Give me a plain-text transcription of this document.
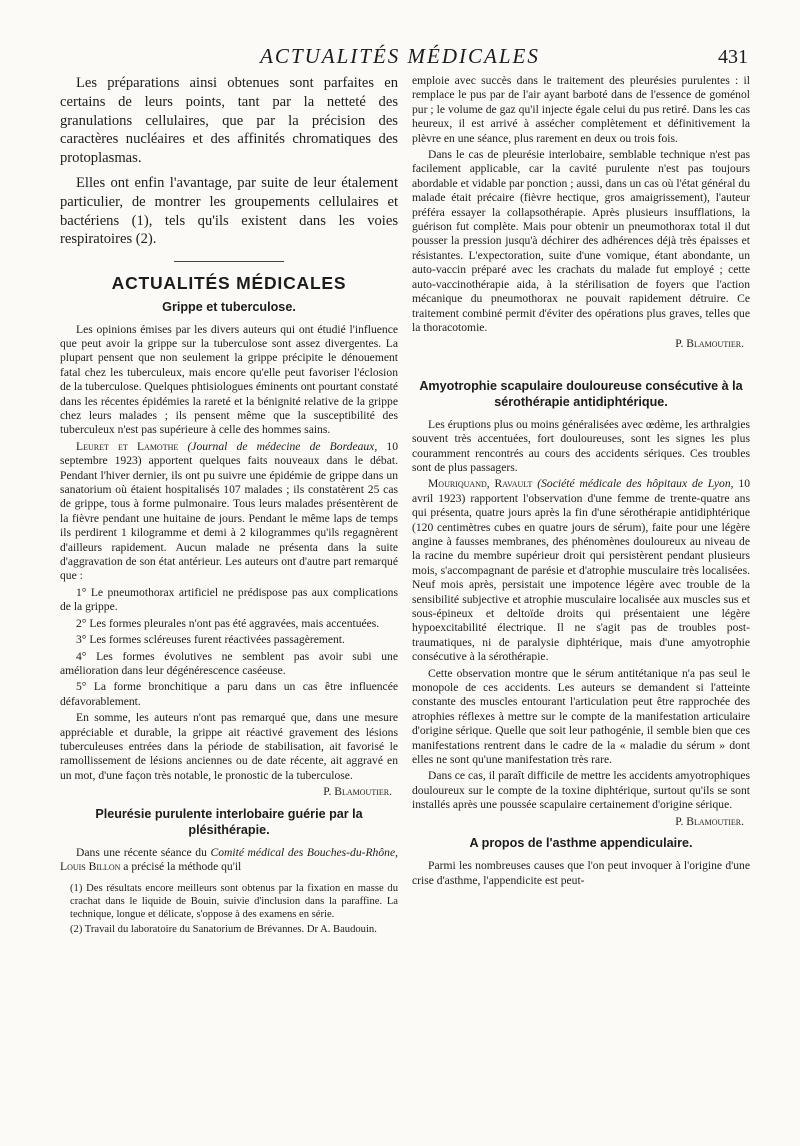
ACTUALITÉS MÉDICALES	431

Les préparations ainsi obtenues sont parfaites en certains de leurs points, tant par la netteté des granulations cellulaires, que par la précision des caractères nucléaires et des affinités chromatiques des protoplasmas.

Elles ont enfin l'avantage, par suite de leur étalement particulier, de montrer les groupements cellulaires et bactériens (1), tels qu'ils existent dans les voies respiratoires (2).

ACTUALITÉS MÉDICALES
Grippe et tuberculose.

Les opinions émises par les divers auteurs qui ont étudié l'influence que peut avoir la grippe sur la tuberculose sont assez divergentes. La plupart pensent que non seulement la grippe précipite le dénouement fatal chez les tuberculeux, mais encore qu'elle peut favoriser l'éclosion de la tuberculose. Quelques phtisiologues éminents ont pourtant constaté dans les récentes épidémies la rareté et la bénignité relative de la grippe chez leurs malades ; ils pensent même que la susceptibilité des tuberculeux n'est pas supérieure à celle des hommes sains.

Leuret et Lamothe (Journal de médecine de Bordeaux, 10 septembre 1923) apportent quelques faits nouveaux dans le débat. Pendant l'hiver dernier, ils ont pu suivre une épidémie de grippe dans un sanatorium où étaient hospitalisés 107 malades ; ils constatèrent 25 cas de grippe, tous à forme pulmonaire. Tous leurs malades présentèrent de la fièvre pendant une huitaine de jours. Pendant le même laps de temps ils perdirent 1 kilogramme et demi à 2 kilogrammes qu'ils regagnèrent d'ailleurs rapidement. Aucun malade ne présenta dans la suite d'aggravation de son état antérieur. Les auteurs ont d'autre part remarqué que :

1° Le pneumothorax artificiel ne prédispose pas aux complications de la grippe.

2° Les formes pleurales n'ont pas été aggravées, mais accentuées.

3° Les formes scléreuses furent réactivées passagèrement.

4° Les formes évolutives ne semblent pas avoir subi une amélioration dans leur dégénérescence caséeuse.

5° La forme bronchitique a paru dans un cas être influencée défavorablement.

En somme, les auteurs n'ont pas remarqué que, dans une mesure appréciable et durable, la grippe ait réactivé gravement des lésions tuberculeuses entrées dans la période de stabilisation, ait favorisé le ramollissement de lésions anciennes ou de date récente, ait aggravé en un mot, d'une façon très notable, le pronostic de la tuberculose.

P. Blamoutier.
Pleurésie purulente interlobaire guérie par la plésithérapie.

Dans une récente séance du Comité médical des Bouches-du-Rhône, Louis Billon a précisé la méthode qu'il

(1) Des résultats encore meilleurs sont obtenus par la fixation en masse du crachat dans le liquide de Bouin, suivie d'inclusion dans la paraffine. La technique, longue et délicate, s'oppose à des examens en série.

(2) Travail du laboratoire du Sanatorium de Brévannes. Dr A. Baudouin.

emploie avec succès dans le traitement des pleurésies purulentes : il remplace le pus par de l'air ayant barboté dans de l'essence de goménol pur ; le volume de gaz qu'il injecte égale celui du pus retiré. Dans les cas heureux, il est arrivé à assécher complètement et définitivement la plèvre en une séance, plus rarement en deux ou trois fois.

Dans le cas de pleurésie interlobaire, semblable technique n'est pas facilement applicable, car la cavité purulente n'est pas toujours abordable et vidable par ponction ; aussi, dans un cas où l'état général du malade était précaire (fièvre hectique, gros amaigrissement), l'auteur préféra essayer la collapsothérapie. Après plusieurs insufflations, la guérison fut complète. Mais pour obtenir un pneumothorax total il dut pousser la pression jusqu'à déchirer des adhérences déjà très épaisses et résistantes. L'expectoration, suite d'une vomique, étant abondante, un auto-vaccin préparé avec les crachats du malade fut employé ; cette auto-vaccinothérapie aida, à la stérilisation de foyers que l'action mécanique du pneumothorax ne pouvait rapidement détruire. Ce traitement combiné permit d'éviter des opérations plus graves, telles que la thoracotomie.

P. Blamoutier.
Amyotrophie scapulaire douloureuse consécutive à la sérothérapie antidiphtérique.

Les éruptions plus ou moins généralisées avec œdème, les arthralgies souvent très accentuées, fort douloureuses, sont les signes les plus couramment rencontrés au cours des accidents sériques. Ces troubles sont de plus passagers.

Mouriquand, Ravault (Société médicale des hôpitaux de Lyon, 10 avril 1923) rapportent l'observation d'une femme de trente-quatre ans qui présenta, quatre jours après la fin d'une sérothérapie antidiphtérique (120 centimètres cubes en quatre jours de sérum), faite pour une légère angine à fausses membranes, des phénomènes douloureux au niveau de la racine du membre supérieur droit qui persistèrent pendant plusieurs mois, s'accompagnant de parésie et d'atrophie musculaire très localisées. Neuf mois après, persistait une impotence légère avec trouble de la sensibilité subjective et atrophie musculaire localisée aux muscles sus et sous-épineux et deltoïde droits qui présentaient une légère hypoexcitabilité électrique. Il ne s'agit pas de troubles post-traumatiques, ni de paralysie diphtérique, mais d'une amyotrophie consécutive à la sérothérapie.

Cette observation montre que le sérum antitétanique n'a pas seul le monopole de ces accidents. Les auteurs se demandent si l'atteinte constante des muscles entourant l'articulation peut être rapprochée des atrophies réflexes à mettre sur le compte de la manifestation articulaire d'origine sérique. Quelle que soit leur pathogénie, il semble bien que ces manifestations rentrent dans le cadre de la « maladie du sérum » dont elles ne sont qu'une manifestation très rare.

Dans ce cas, il paraît difficile de mettre les accidents amyotrophiques douloureux sur le compte de la toxine diphtérique, surtout qu'ils se sont installés après une poussée scapulaire certainement d'origine sérique.

P. Blamoutier.
A propos de l'asthme appendiculaire.

Parmi les nombreuses causes que l'on peut invoquer à l'origine d'une crise d'asthme, l'appendicite est peut-
